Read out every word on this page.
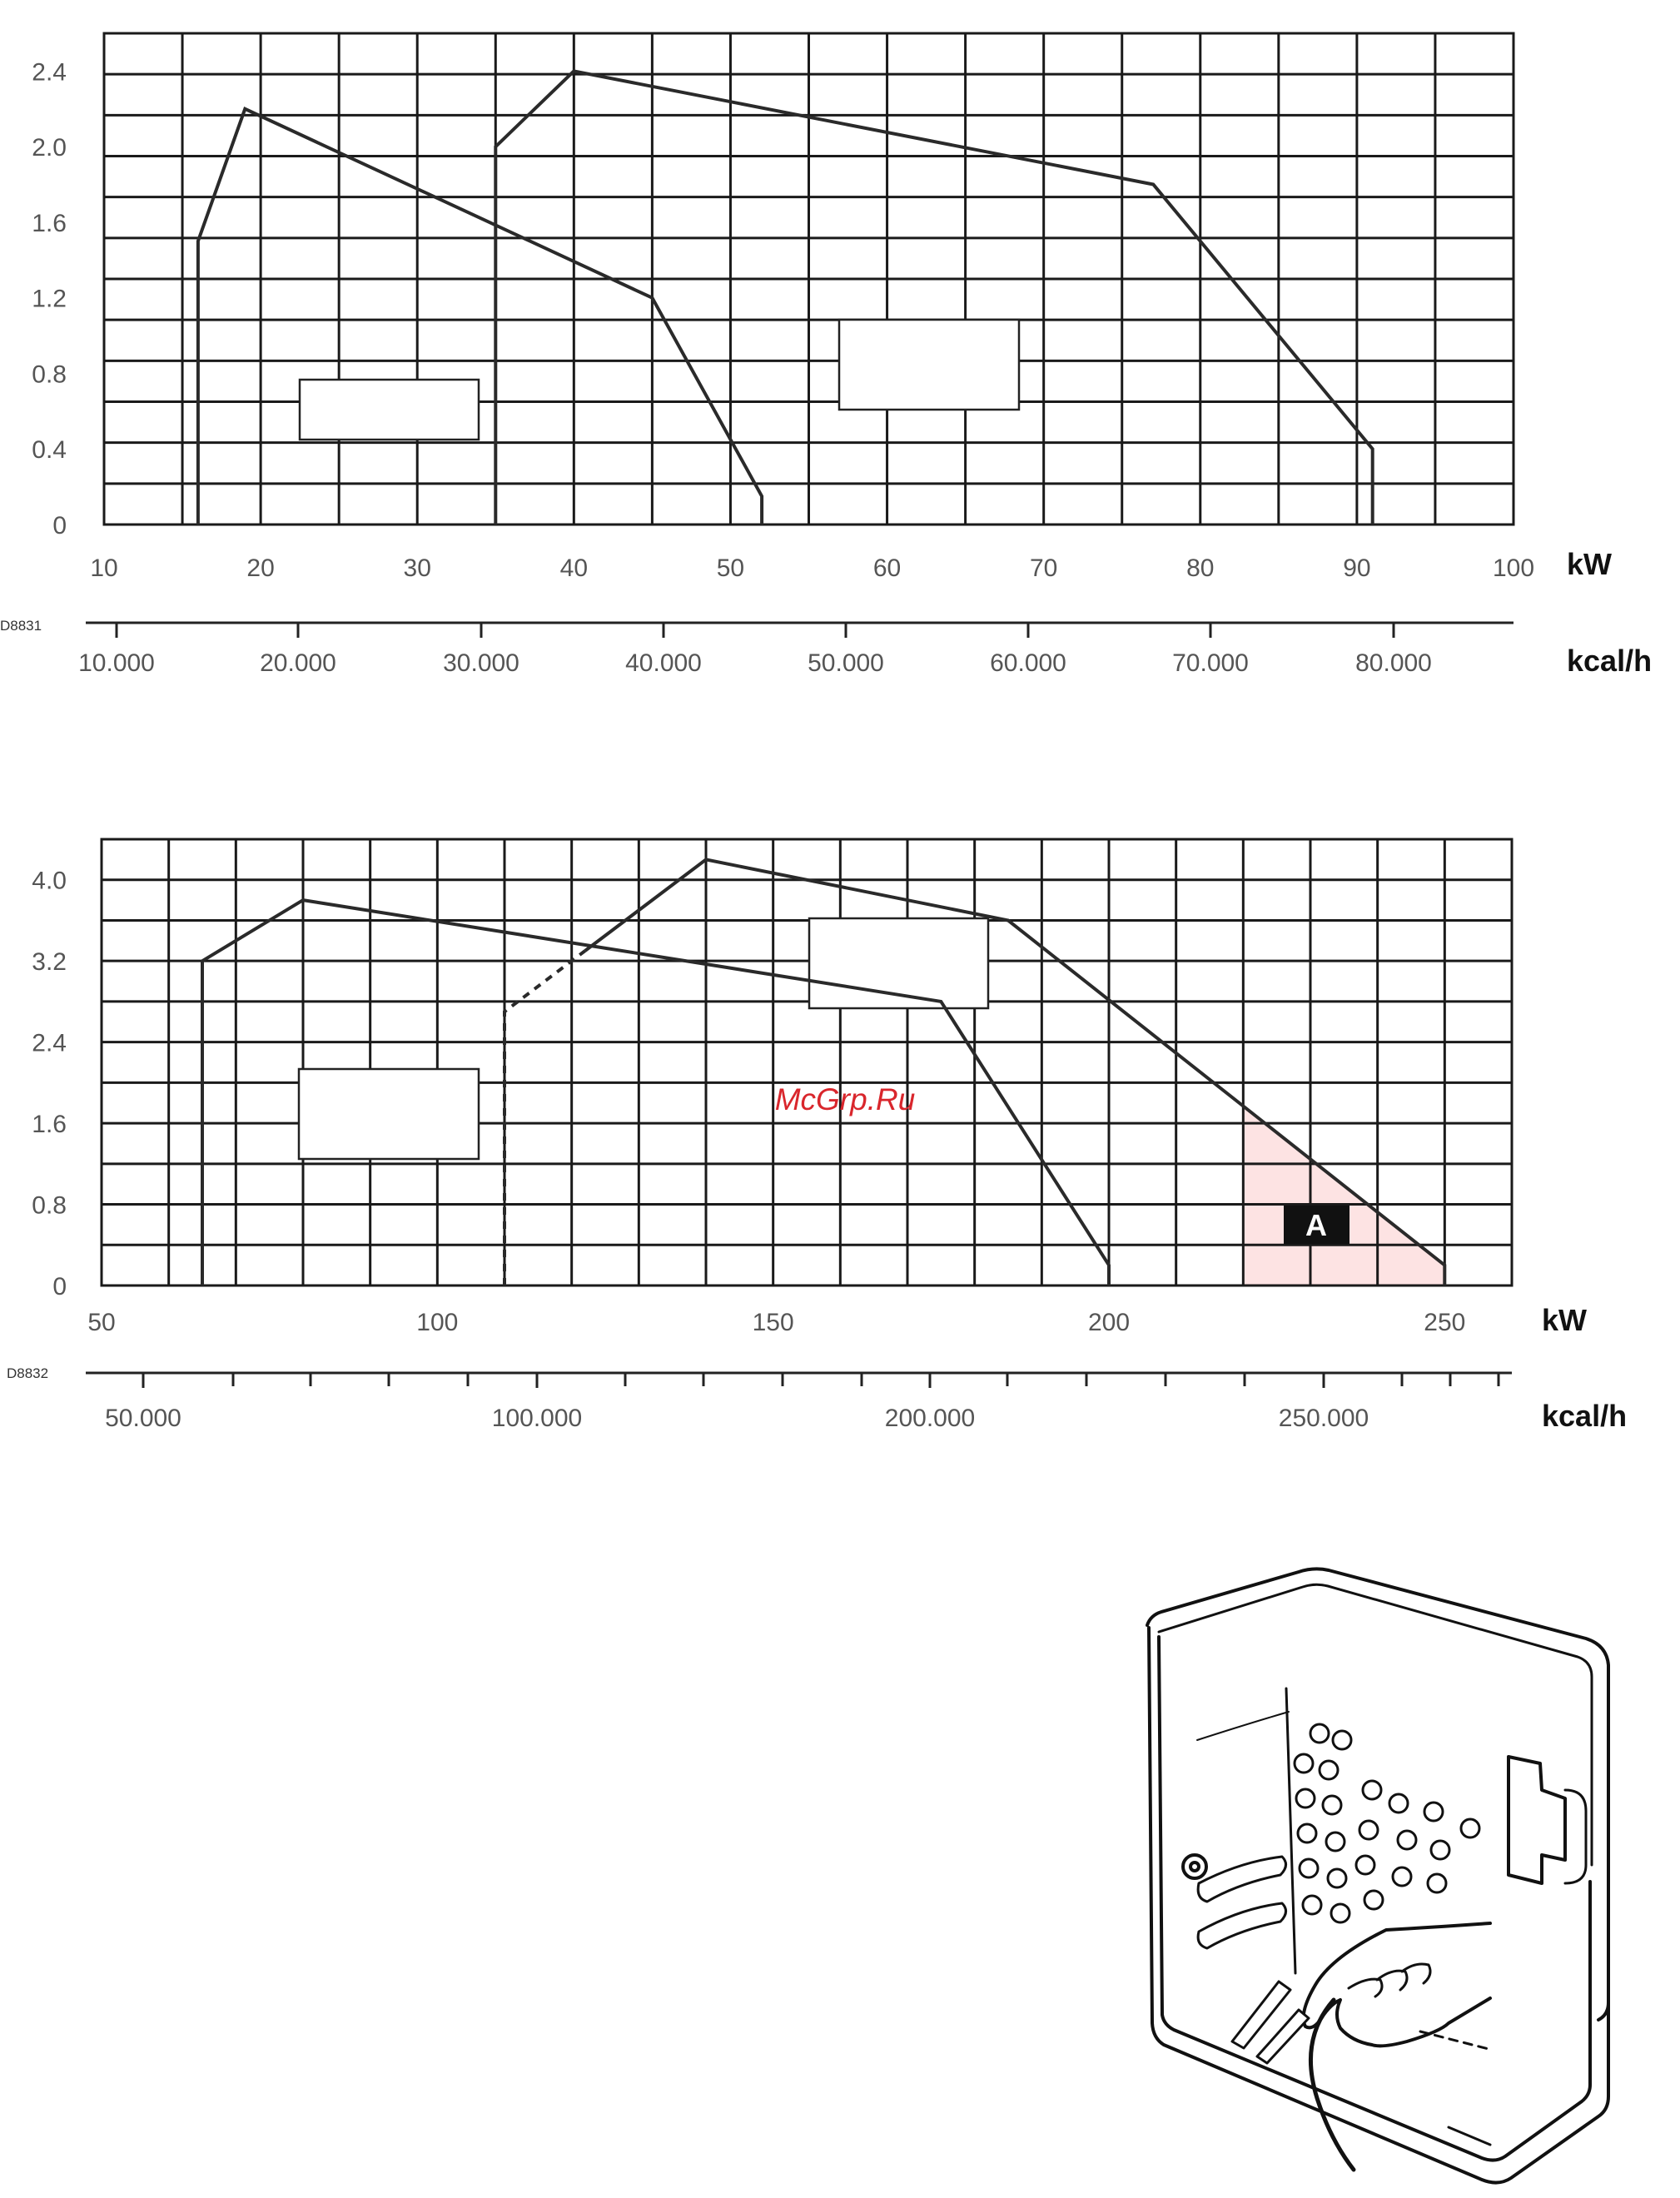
0
0.4
0.8
1.2
1.6
2.0
2.4
10	20	30	40	50	60	70	80	90	100 kW
D8831
10.000	20.000	30.000	40.000	50.000	60.000	70.000	80.000	kcal/h
A
0
0.8
1.6
2.4
3.2
4.0
50	100	150	200	250	kW
D8832
50.000	100.000	200.000	250.000	kcal/h
McGrp.Ru
